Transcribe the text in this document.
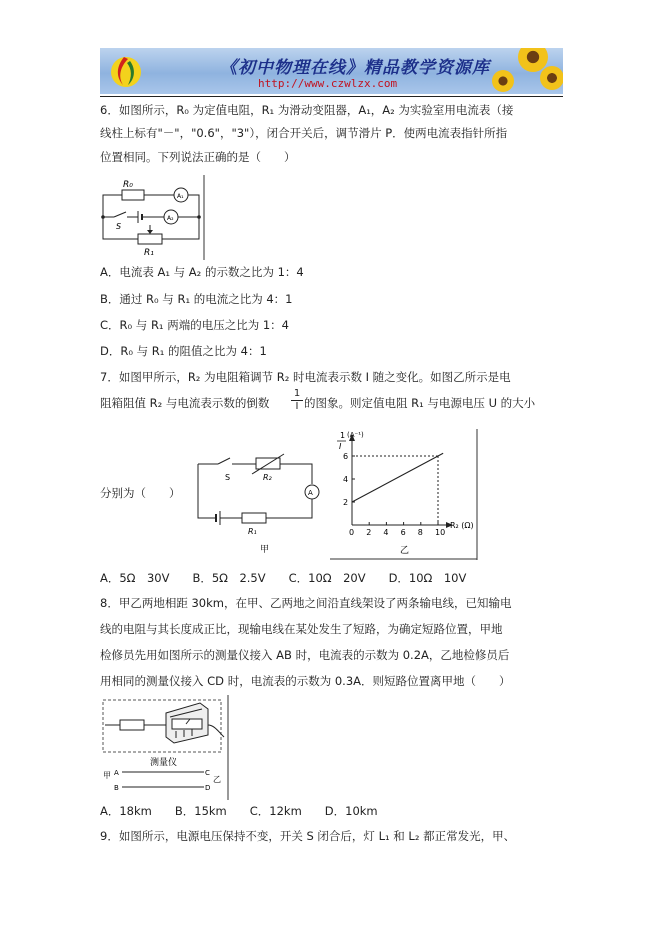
《初中物理在线》精品教学资源库
http://www.czwlzx.com
6．如图所示，R₀ 为定值电阻，R₁ 为滑动变阻器，A₁，A₂ 为实验室用电流表（接
线柱上标有"－"，"0.6"，"3"），闭合开关后，调节滑片 P．使两电流表指针所指
位置相同。下列说法正确的是（　　）
R₀
A₁
S
A₂
R₁
A．电流表 A₁ 与 A₂ 的示数之比为 1：4
B．通过 R₀ 与 R₁ 的电流之比为 4：1
C．R₀ 与 R₁ 两端的电压之比为 1：4
D．R₀ 与 R₁ 的阻值之比为 4：1
7．如图甲所示，R₂ 为电阻箱调节 R₂ 时电流表示数 I 随之变化。如图乙所示是电
阻箱阻值 R₂ 与电流表示数的倒数 $\frac{1}{I}$ 的图象。则定值电阻 R₁ 与电源电压 U 的大小
分别为（　　）
S	R₂
A
R₁
甲
0 2 4 6 8 10
2
4
6
1
I
(A⁻¹)
R₂ (Ω)
乙
A．5Ω　30V　　B．5Ω　2.5V　　C．10Ω　20V　　D．10Ω　10V
8．甲乙两地相距 30km，在甲、乙两地之间沿直线架设了两条输电线，已知输电
线的电阻与其长度成正比，现输电线在某处发生了短路，为确定短路位置，甲地
检修员先用如图所示的测量仪接入 AB 时，电流表的示数为 0.2A，乙地检修员后
用相同的测量仪接入 CD 时，电流表的示数为 0.3A．则短路位置离甲地（　　）
测量仪
甲 A	C
乙
B	D
A．18km　　B．15km　　C．12km　　D．10km
9．如图所示，电源电压保持不变，开关 S 闭合后，灯 L₁ 和 L₂ 都正常发光，甲、
